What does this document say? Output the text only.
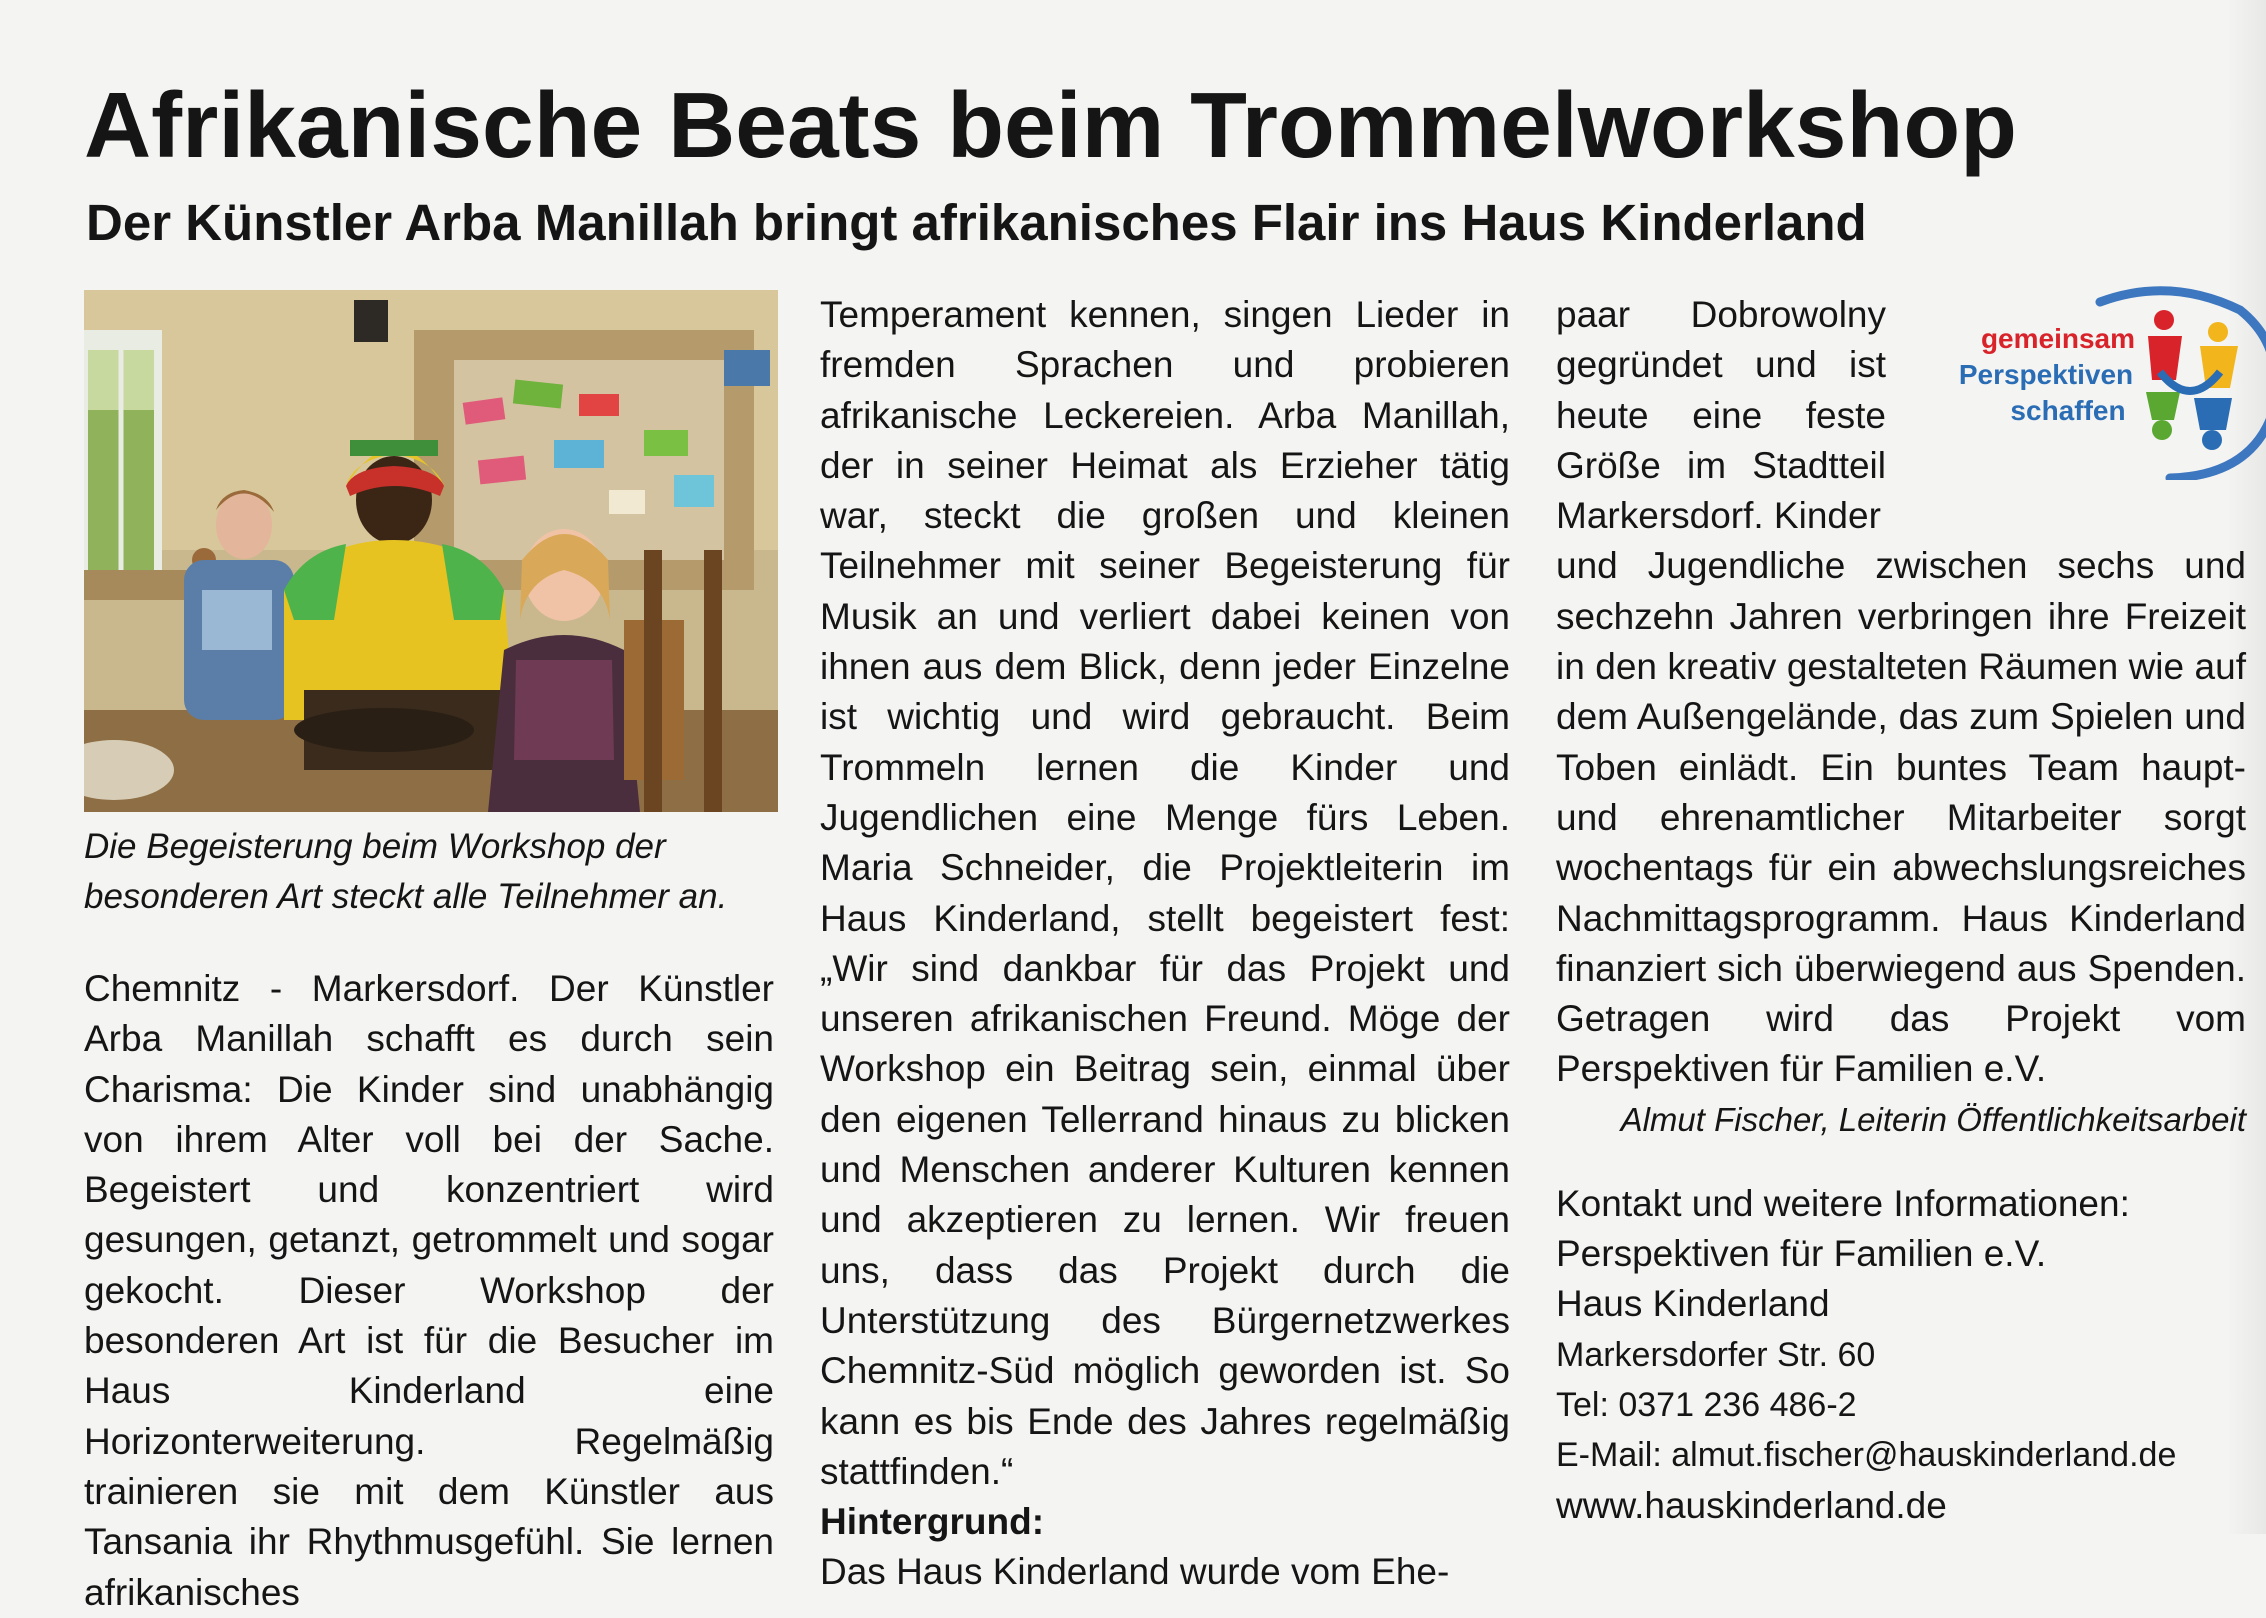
Afrikanische Beats beim Trommelworkshop
Der Künstler Arba Manillah bringt afrikanisches Flair ins Haus Kinderland
Die Begeisterung beim Workshop der besonderen Art steckt alle Teilnehmer an.

Chemnitz - Markersdorf. Der Künstler Arba Manillah schafft es durch sein Charisma: Die Kinder sind unabhängig von ihrem Alter voll bei der Sache. Begeistert und konzentriert wird gesungen, getanzt, getrommelt und sogar gekocht. Dieser Workshop der besonderen Art ist für die Besucher im Haus Kinderland eine Horizonterweiterung. Regelmäßig trainieren sie mit dem Künstler aus Tansania ihr Rhythmusgefühl. Sie lernen afrikanisches

Temperament kennen, singen Lieder in fremden Sprachen und probieren afrikanische Leckereien. Arba Manillah, der in seiner Heimat als Erzieher tätig war, steckt die großen und kleinen Teilnehmer mit seiner Begeisterung für Musik an und verliert dabei keinen von ihnen aus dem Blick, denn jeder Einzelne ist wichtig und wird gebraucht. Beim Trommeln lernen die Kinder und Jugendlichen eine Menge fürs Leben. Maria Schneider, die Projektleiterin im Haus Kinderland, stellt begeistert fest: „Wir sind dankbar für das Projekt und unseren afrikanischen Freund. Möge der Workshop ein Beitrag sein, einmal über den eigenen Tellerrand hinaus zu blicken und Menschen anderer Kulturen kennen und akzeptieren zu lernen. Wir freuen uns, dass das Projekt durch die Unterstützung des Bürgernetzwerkes Chemnitz-Süd möglich geworden ist. So kann es bis Ende des Jahres regelmäßig stattfinden.“

Hintergrund:

Das Haus Kinderland wurde vom Ehe-

gemeinsam
Perspektiven
schaffen

paar Dobrowolny gegründet und ist heute eine feste Größe im Stadtteil Markersdorf. Kinder

und Jugendliche zwischen sechs und sechzehn Jahren verbringen ihre Freizeit in den kreativ gestalteten Räumen wie auf dem Außengelände, das zum Spielen und Toben einlädt. Ein buntes Team haupt- und ehrenamtlicher Mitarbeiter sorgt wochentags für ein abwechslungsreiches Nachmittagsprogramm. Haus Kinderland finanziert sich überwiegend aus Spenden. Getragen wird das Projekt vom Perspektiven für Familien e.V.

Almut Fischer, Leiterin Öffentlichkeitsarbeit

Kontakt und weitere Informationen:
Perspektiven für Familien e.V.
Haus Kinderland
Markersdorfer Str. 60
Tel: 0371 236 486-2
E-Mail: almut.fischer@hauskinderland.de
www.hauskinderland.de
